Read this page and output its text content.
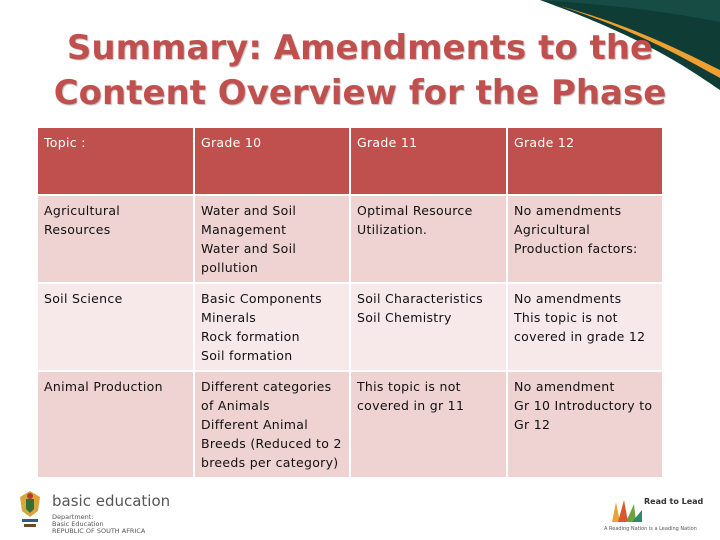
Summary: Amendments to the
Content Overview for the Phase
Topic :	Grade 10	Grade 11	Grade 12

Agricultural
Resources	Water and Soil
Management
Water and Soil
pollution	Optimal Resource
Utilization.	No amendments
Agricultural
Production factors:

Soil Science	Basic Components
Minerals
Rock formation
Soil formation	Soil Characteristics
Soil Chemistry	No amendments
This topic is not
covered in grade 12

Animal Production	Different categories
of Animals
Different Animal
Breeds (Reduced to 2
breeds per category)	This topic is not
covered in gr 11	No amendment
Gr 10 Introductory to
Gr 12
basic education
Department:
Basic Education
REPUBLIC OF SOUTH AFRICA
Read to Lead
A Reading Nation is a Leading Nation
